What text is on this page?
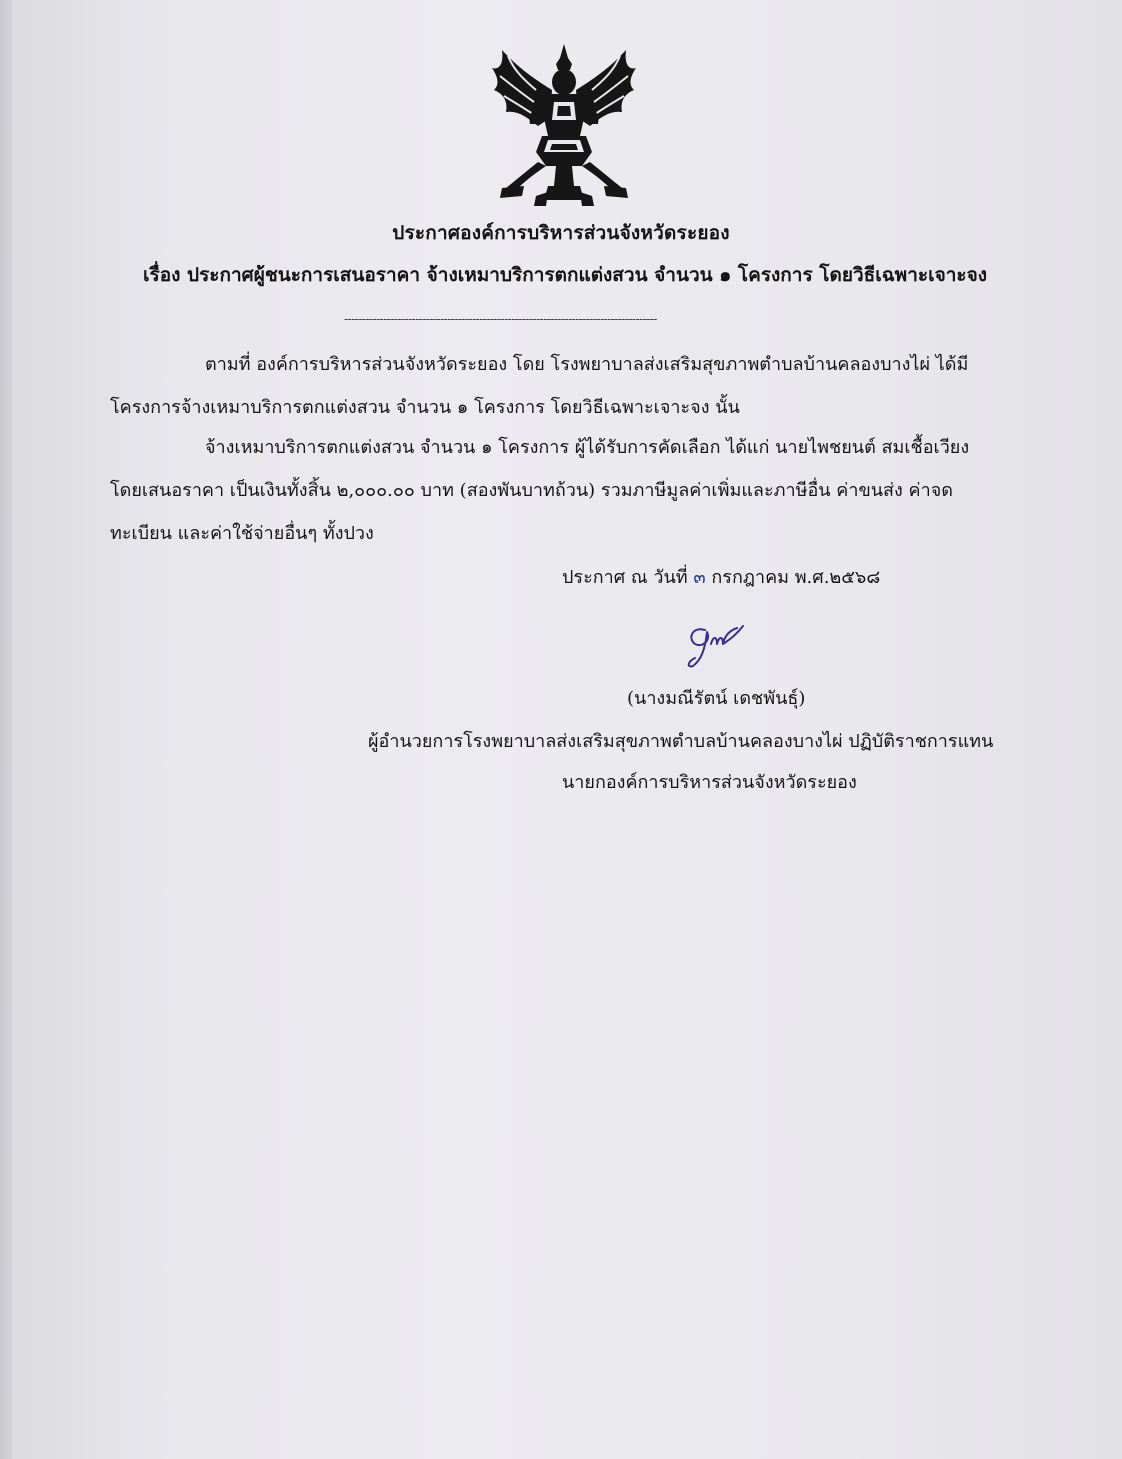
ประกาศองค์การบริหารส่วนจังหวัดระยอง
เรื่อง ประกาศผู้ชนะการเสนอราคา จ้างเหมาบริการตกแต่งสวน จำนวน ๑ โครงการ โดยวิธีเฉพาะเจาะจง
----------------------------------------------------------------------------------------
ตามที่ องค์การบริหารส่วนจังหวัดระยอง โดย โรงพยาบาลส่งเสริมสุขภาพตำบลบ้านคลองบางไผ่ ได้มี
โครงการจ้างเหมาบริการตกแต่งสวน จำนวน ๑ โครงการ โดยวิธีเฉพาะเจาะจง นั้น
จ้างเหมาบริการตกแต่งสวน จำนวน ๑ โครงการ ผู้ได้รับการคัดเลือก ได้แก่ นายไพชยนต์ สมเชื้อเวียง
โดยเสนอราคา เป็นเงินทั้งสิ้น ๒,๐๐๐.๐๐ บาท (สองพันบาทถ้วน) รวมภาษีมูลค่าเพิ่มและภาษีอื่น ค่าขนส่ง ค่าจด
ทะเบียน และค่าใช้จ่ายอื่นๆ ทั้งปวง
ประกาศ ณ วันที่ ๓ กรกฎาคม พ.ศ.๒๕๖๘
(นางมณีรัตน์ เดชพันธุ์)
ผู้อำนวยการโรงพยาบาลส่งเสริมสุขภาพตำบลบ้านคลองบางไผ่ ปฏิบัติราชการแทน
นายกองค์การบริหารส่วนจังหวัดระยอง
